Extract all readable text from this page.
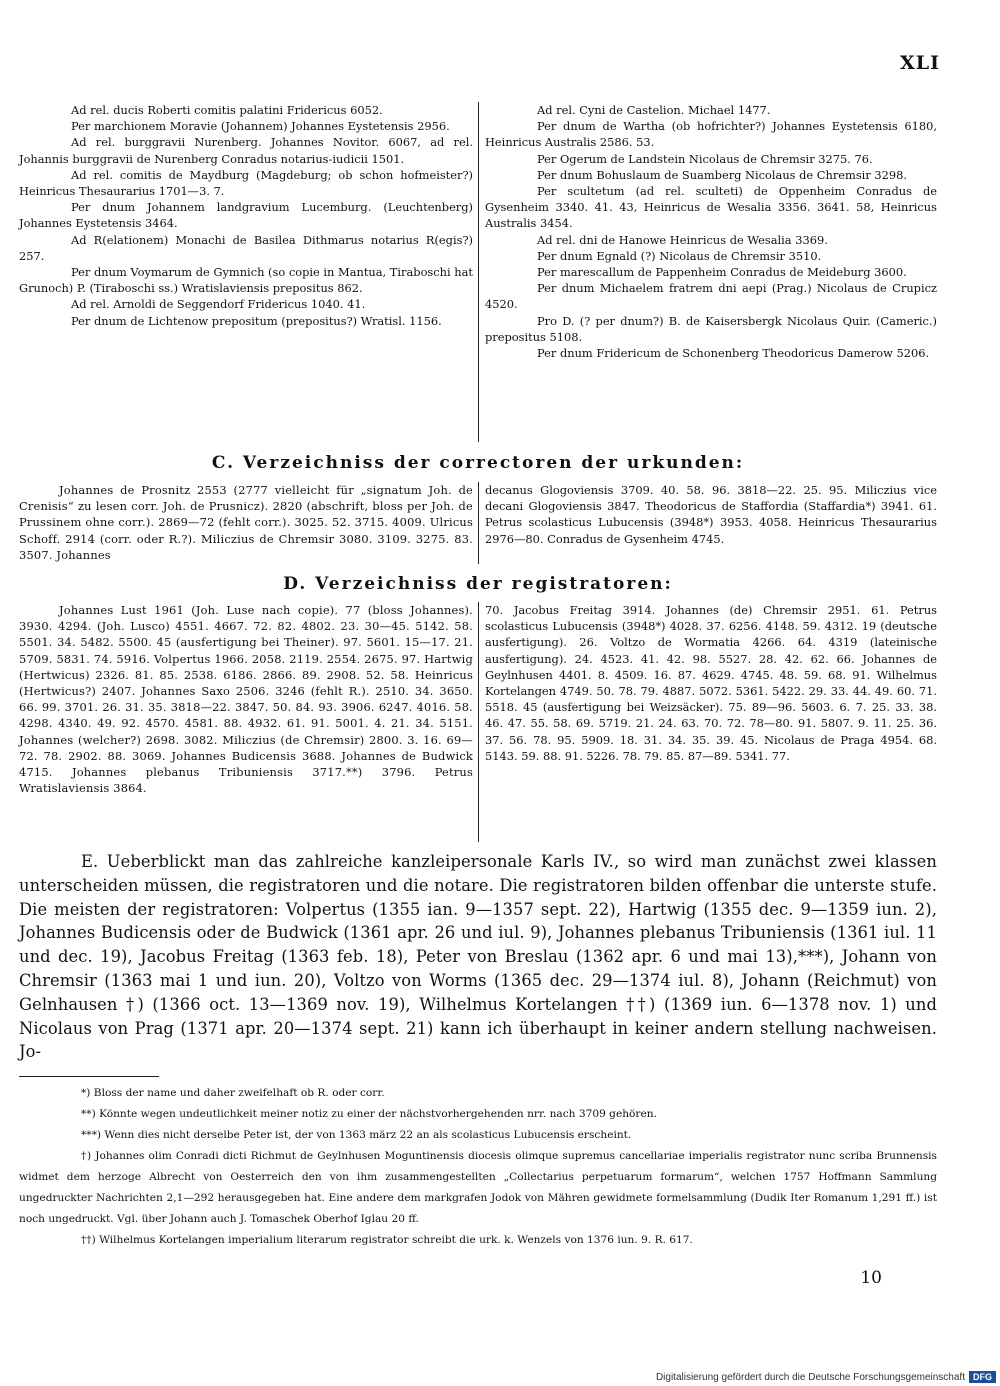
XLI

Ad rel. ducis Roberti comitis palatini Fridericus 6052.

Per marchionem Moravie (Johannem) Johannes Eystetensis 2956.

Ad rel. burggravii Nurenberg. Johannes Novitor. 6067, ad rel. Johannis burggravii de Nurenberg Conradus notarius-iudicii 1501.

Ad rel. comitis de Maydburg (Magdeburg; ob schon hofmeister?) Heinricus Thesaurarius 1701—3. 7.

Per dnum Johannem landgravium Lucemburg. (Leuchtenberg) Johannes Eystetensis 3464.

Ad R(elationem) Monachi de Basilea Dithmarus notarius R(egis?) 257.

Per dnum Voymarum de Gymnich (so copie in Mantua, Tiraboschi hat Grunoch) P. (Tiraboschi ss.) Wratislaviensis prepositus 862.

Ad rel. Arnoldi de Seggendorf Fridericus 1040. 41.

Per dnum de Lichtenow prepositum (prepositus?) Wratisl. 1156.

Ad rel. Cyni de Castelion. Michael 1477.

Per dnum de Wartha (ob hofrichter?) Johannes Eystetensis 6180, Heinricus Australis 2586. 53.

Per Ogerum de Landstein Nicolaus de Chremsir 3275. 76.

Per dnum Bohuslaum de Suamberg Nicolaus de Chremsir 3298.

Per scultetum (ad rel. sculteti) de Oppenheim Conradus de Gysenheim 3340. 41. 43, Heinricus de Wesalia 3356. 3641. 58, Heinricus Australis 3454.

Ad rel. dni de Hanowe Heinricus de Wesalia 3369.

Per dnum Egnald (?) Nicolaus de Chremsir 3510.

Per marescallum de Pappenheim Conradus de Meideburg 3600.

Per dnum Michaelem fratrem dni aepi (Prag.) Nicolaus de Crupicz 4520.

Pro D. (? per dnum?) B. de Kaisersbergk Nicolaus Quir. (Cameric.) prepositus 5108.

Per dnum Fridericum de Schonenberg Theodoricus Damerow 5206.

C. Verzeichniss der correctoren der urkunden:

Johannes de Prosnitz 2553 (2777 vielleicht für „signatum Joh. de Crenisis“ zu lesen corr. Joh. de Prusnicz). 2820 (abschrift, bloss per Joh. de Prussinem ohne corr.). 2869—72 (fehlt corr.). 3025. 52. 3715. 4009. Ulricus Schoff. 2914 (corr. oder R.?). Miliczius de Chremsir 3080. 3109. 3275. 83. 3507. Johannes

decanus Glogoviensis 3709. 40. 58. 96. 3818—22. 25. 95. Miliczius vice decani Glogoviensis 3847. Theodoricus de Staffordia (Staffardia*) 3941. 61. Petrus scolasticus Lubucensis (3948*) 3953. 4058. Heinricus Thesaurarius 2976—80. Conradus de Gysenheim 4745.

D. Verzeichniss der registratoren:

Johannes Lust 1961 (Joh. Luse nach copie). 77 (bloss Johannes). 3930. 4294. (Joh. Lusco) 4551. 4667. 72. 82. 4802. 23. 30—45. 5142. 58. 5501. 34. 5482. 5500. 45 (ausfertigung bei Theiner). 97. 5601. 15—17. 21. 5709. 5831. 74. 5916. Volpertus 1966. 2058. 2119. 2554. 2675. 97. Hartwig (Hertwicus) 2326. 81. 85. 2538. 6186. 2866. 89. 2908. 52. 58. Heinricus (Hertwicus?) 2407. Johannes Saxo 2506. 3246 (fehlt R.). 2510. 34. 3650. 66. 99. 3701. 26. 31. 35. 3818—22. 3847. 50. 84. 93. 3906. 6247. 4016. 58. 4298. 4340. 49. 92. 4570. 4581. 88. 4932. 61. 91. 5001. 4. 21. 34. 5151. Johannes (welcher?) 2698. 3082. Miliczius (de Chremsir) 2800. 3. 16. 69—72. 78. 2902. 88. 3069. Johannes Budicensis 3688. Johannes de Budwick 4715. Johannes plebanus Tribuniensis 3717.**) 3796. Petrus Wratislaviensis 3864.

70. Jacobus Freitag 3914. Johannes (de) Chremsir 2951. 61. Petrus scolasticus Lubucensis (3948*) 4028. 37. 6256. 4148. 59. 4312. 19 (deutsche ausfertigung). 26. Voltzo de Wormatia 4266. 64. 4319 (lateinische ausfertigung). 24. 4523. 41. 42. 98. 5527. 28. 42. 62. 66. Johannes de Geylnhusen 4401. 8. 4509. 16. 87. 4629. 4745. 48. 59. 68. 91. Wilhelmus Kortelangen 4749. 50. 78. 79. 4887. 5072. 5361. 5422. 29. 33. 44. 49. 60. 71. 5518. 45 (ausfertigung bei Weizsäcker). 75. 89—96. 5603. 6. 7. 25. 33. 38. 46. 47. 55. 58. 69. 5719. 21. 24. 63. 70. 72. 78—80. 91. 5807. 9. 11. 25. 36. 37. 56. 78. 95. 5909. 18. 31. 34. 35. 39. 45. Nicolaus de Praga 4954. 68. 5143. 59. 88. 91. 5226. 78. 79. 85. 87—89. 5341. 77.

E. Ueberblickt man das zahlreiche kanzleipersonale Karls IV., so wird man zunächst zwei klassen unterscheiden müssen, die registratoren und die notare. Die registratoren bilden offenbar die unterste stufe. Die meisten der registratoren: Volpertus (1355 ian. 9—1357 sept. 22), Hartwig (1355 dec. 9—1359 iun. 2), Johannes Budicensis oder de Budwick (1361 apr. 26 und iul. 9), Johannes plebanus Tribuniensis (1361 iul. 11 und dec. 19), Jacobus Freitag (1363 feb. 18), Peter von Breslau (1362 apr. 6 und mai 13),***), Johann von Chremsir (1363 mai 1 und iun. 20), Voltzo von Worms (1365 dec. 29—1374 iul. 8), Johann (Reichmut) von Gelnhausen †) (1366 oct. 13—1369 nov. 19), Wilhelmus Kortelangen ††) (1369 iun. 6—1378 nov. 1) und Nicolaus von Prag (1371 apr. 20—1374 sept. 21) kann ich überhaupt in keiner andern stellung nachweisen. Jo-

*) Bloss der name und daher zweifelhaft ob R. oder corr.

**) Könnte wegen undeutlichkeit meiner notiz zu einer der nächstvorhergehenden nrr. nach 3709 gehören.

***) Wenn dies nicht derselbe Peter ist, der von 1363 märz 22 an als scolasticus Lubucensis erscheint.

†) Johannes olim Conradi dicti Richmut de Geylnhusen Moguntinensis diocesis olimque supremus cancellariae imperialis registrator nunc scriba Brunnensis widmet dem herzoge Albrecht von Oesterreich den von ihm zusammengestellten „Collectarius perpetuarum formarum“, welchen 1757 Hoffmann Sammlung ungedruckter Nachrichten 2,1—292 herausgegeben hat. Eine andere dem markgrafen Jodok von Mähren gewidmete formelsammlung (Dudik Iter Romanum 1,291 ff.) ist noch ungedruckt. Vgl. über Johann auch J. Tomaschek Oberhof Iglau 20 ff.

††) Wilhelmus Kortelangen imperialium literarum registrator schreibt die urk. k. Wenzels von 1376 iun. 9. R. 617.

10
Digitalisierung gefördert durch die Deutsche Forschungsgemeinschaft DFG
